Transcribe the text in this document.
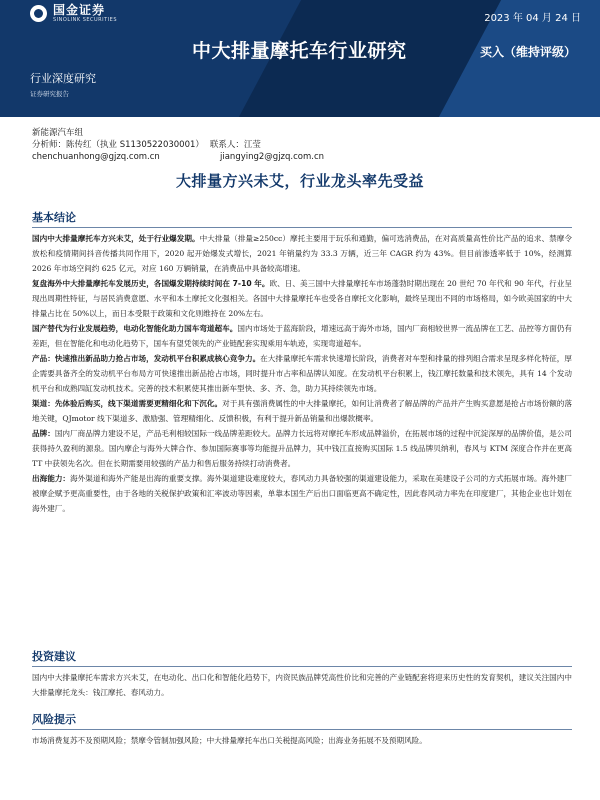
国金证券
SINOLINK SECURITIES	2023 年 04 月 24 日
中大排量摩托车行业研究	买入（维持评级）
行业深度研究
证券研究报告
新能源汽车组
分析师：陈传红（执业 S1130522030001） 联系人：江莹
chenchuanhong@gjzq.com.cn	jiangying2@gjzq.com.cn
大排量方兴未艾，行业龙头率先受益
基本结论

国内中大排量摩托车方兴未艾，处于行业爆发期。中大排量（排量≥250cc）摩托主要用于玩乐和通勤，偏可选消费品，在对高质量高性价比产品的追求、禁摩令放松和疫情期间抖音传播共同作用下，2020 起开始爆发式增长，2021 年销量约为 33.3 万辆，近三年 CAGR 约为 43%。但目前渗透率低于 10%，经测算 2026 年市场空间约 625 亿元，对应 160 万辆销量，在消费品中具备较高增速。

复盘海外中大排量摩托车发展历史，各国爆发期持续时间在 7-10 年。欧、日、美三国中大排量摩托车市场蓬勃时期出现在 20 世纪 70 年代和 90 年代，行业呈现出周期性特征，与居民消费意愿、水平和本土摩托文化强相关。各国中大排量摩托车也受各自摩托文化影响，最终呈现出不同的市场格局，如今欧美国家的中大排量占比在 50%以上，而日本受限于政策和文化则维持在 20%左右。

国产替代为行业发展趋势，电动化智能化助力国车弯道超车。国内市场处于蓝海阶段，增速远高于海外市场，国内厂商相较世界一流品牌在工艺、品控等方面仍有差距，但在智能化和电动化趋势下，国车有望凭领先的产业链配套实现乘用车轨迹，实现弯道超车。

产品：快速推出新品助力抢占市场，发动机平台积累成核心竞争力。在大排量摩托车需求快速增长阶段，消费者对车型和排量的排列组合需求呈现多样化特征，厚企需要具备齐全的发动机平台布局方可快速推出新品抢占市场，同时提升市占率和品牌认知度。在发动机平台积累上，钱江摩托数量和技术领先，具有 14 个发动机平台和成熟四缸发动机技术。完善的技术积累使其推出新车型快、多、齐、急，助力其持续领先市场。

渠道：先体验后购买，线下渠道需要更精细化和下沉化。对于具有强消费属性的中大排量摩托，如何让消费者了解品牌的产品并产生购买意愿是抢占市场份额的落地关键，QJmotor 线下渠道多、激励强、管理精细化、反馈积极，有利于提升新品销量和出爆款概率。

品牌：国内厂商品牌力建设不足，产品毛利相较国际一线品牌差距较大。品牌力长远将对摩托车形成品牌溢价，在拓展市场的过程中沉淀深厚的品牌价值，是公司获得持久盈利的源泉。国内摩企与海外大牌合作、参加国际赛事等均能提升品牌力，其中钱江直接购买国际 1.5 线品牌贝纳利，春风与 KTM 深度合作并在更高 TT 中获领先名次。但在长期需要用较强的产品力和售后服务持续打动消费者。

出海能力：海外渠道和海外产能是出海的重要支撑。海外渠道建设难度较大，春风动力具备较强的渠道建设能力，采取在美建设子公司的方式拓展市场。海外建厂被摩企赋予更高重要性，由于各地的关税保护政策和汇率波动等因素，单靠本国生产后出口面临更高不确定性，因此春风动力率先在印度建厂，其他企业也计划在海外建厂。

投资建议

国内中大排量摩托车需求方兴未艾，在电动化、出口化和智能化趋势下，内资民族品牌凭高性价比和完善的产业链配套将迎来历史性的发育契机，建议关注国内中大排量摩托龙头：钱江摩托、春风动力。

风险提示

市场消费复苏不及预期风险；禁摩令管制加强风险；中大排量摩托车出口关税提高风险；出海业务拓展不及预期风险。
